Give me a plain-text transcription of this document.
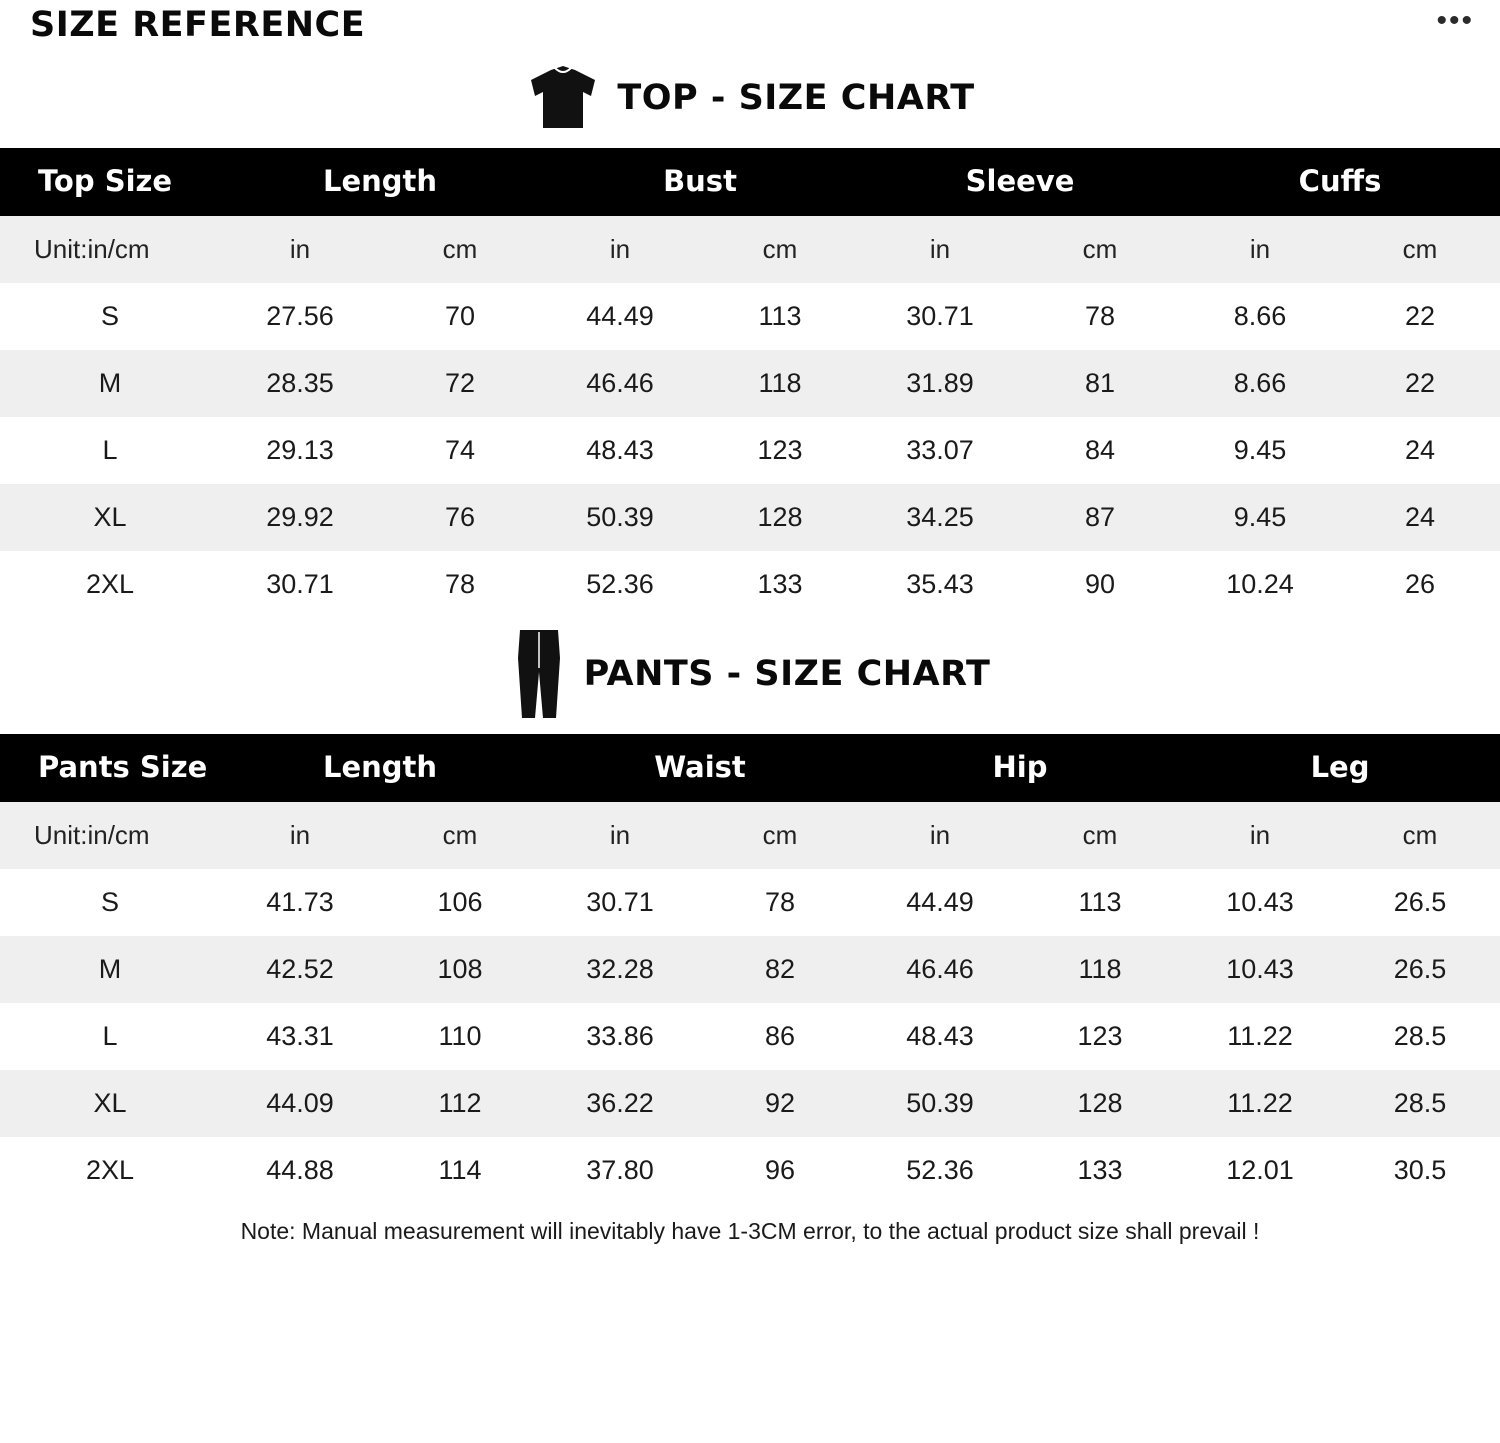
SIZE REFERENCE	•••
TOP - SIZE CHART
Top Size	Length		Bust		Sleeve		Cuffs	
Unit:in/cm	in	cm	in	cm	in	cm	in	cm
S	27.56	70	44.49	113	30.71	78	8.66	22
M	28.35	72	46.46	118	31.89	81	8.66	22
L	29.13	74	48.43	123	33.07	84	9.45	24
XL	29.92	76	50.39	128	34.25	87	9.45	24
2XL	30.71	78	52.36	133	35.43	90	10.24	26
PANTS - SIZE CHART
Pants Size	Length		Waist		Hip		Leg	
Unit:in/cm	in	cm	in	cm	in	cm	in	cm
S	41.73	106	30.71	78	44.49	113	10.43	26.5
M	42.52	108	32.28	82	46.46	118	10.43	26.5
L	43.31	110	33.86	86	48.43	123	11.22	28.5
XL	44.09	112	36.22	92	50.39	128	11.22	28.5
2XL	44.88	114	37.80	96	52.36	133	12.01	30.5
Note: Manual measurement will inevitably have 1-3CM error, to the actual product size shall prevail !
